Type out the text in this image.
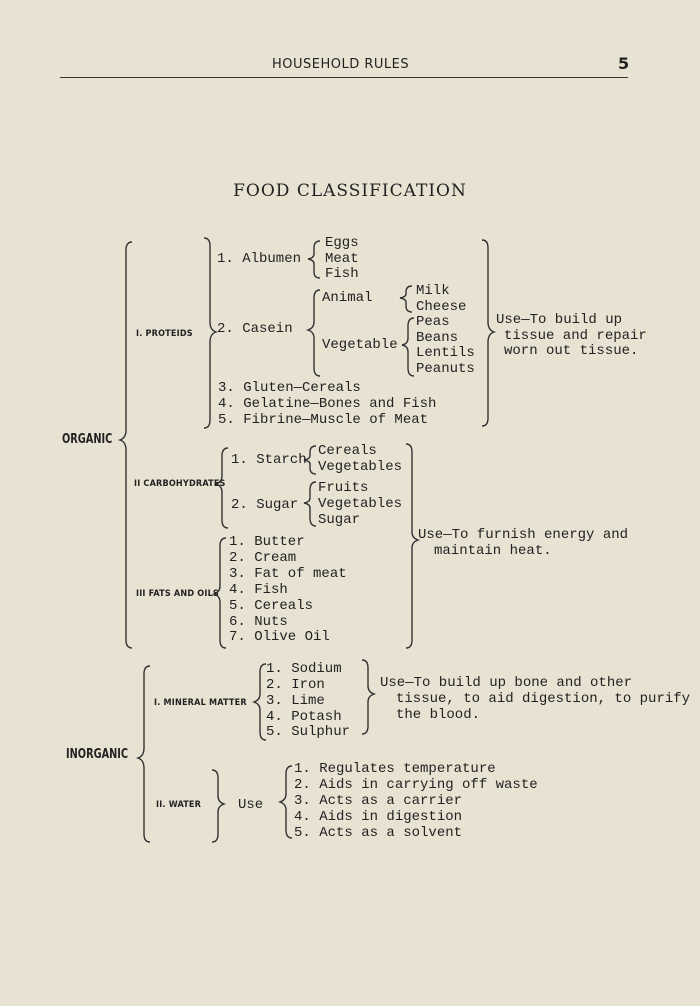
HOUSEHOLD RULES	5
FOOD CLASSIFICATION
ORGANIC
I. PROTEIDS
1. Albumen
Eggs
Meat
Fish
2. Casein
Animal	Milk
Cheese
Vegetable
Peas
Beans
Lentils
Peanuts
3. Gluten—Cereals
4. Gelatine—Bones and Fish
5. Fibrine—Muscle of Meat
Use—To build up
tissue and repair
worn out tissue.
II CARBOHYDRATES
1. Starch
Cereals
Vegetables
2. Sugar
Fruits
Vegetables
Sugar
III FATS AND OILS
1. Butter
2. Cream
3. Fat of meat
4. Fish
5. Cereals
6. Nuts
7. Olive Oil
Use—To furnish energy and
maintain heat.
INORGANIC
I. MINERAL MATTER
1. Sodium
2. Iron
3. Lime
4. Potash
5. Sulphur
Use—To build up bone and other
tissue, to aid digestion, to purify
the blood.
II. WATER	Use
1. Regulates temperature
2. Aids in carrying off waste
3. Acts as a carrier
4. Aids in digestion
5. Acts as a solvent
